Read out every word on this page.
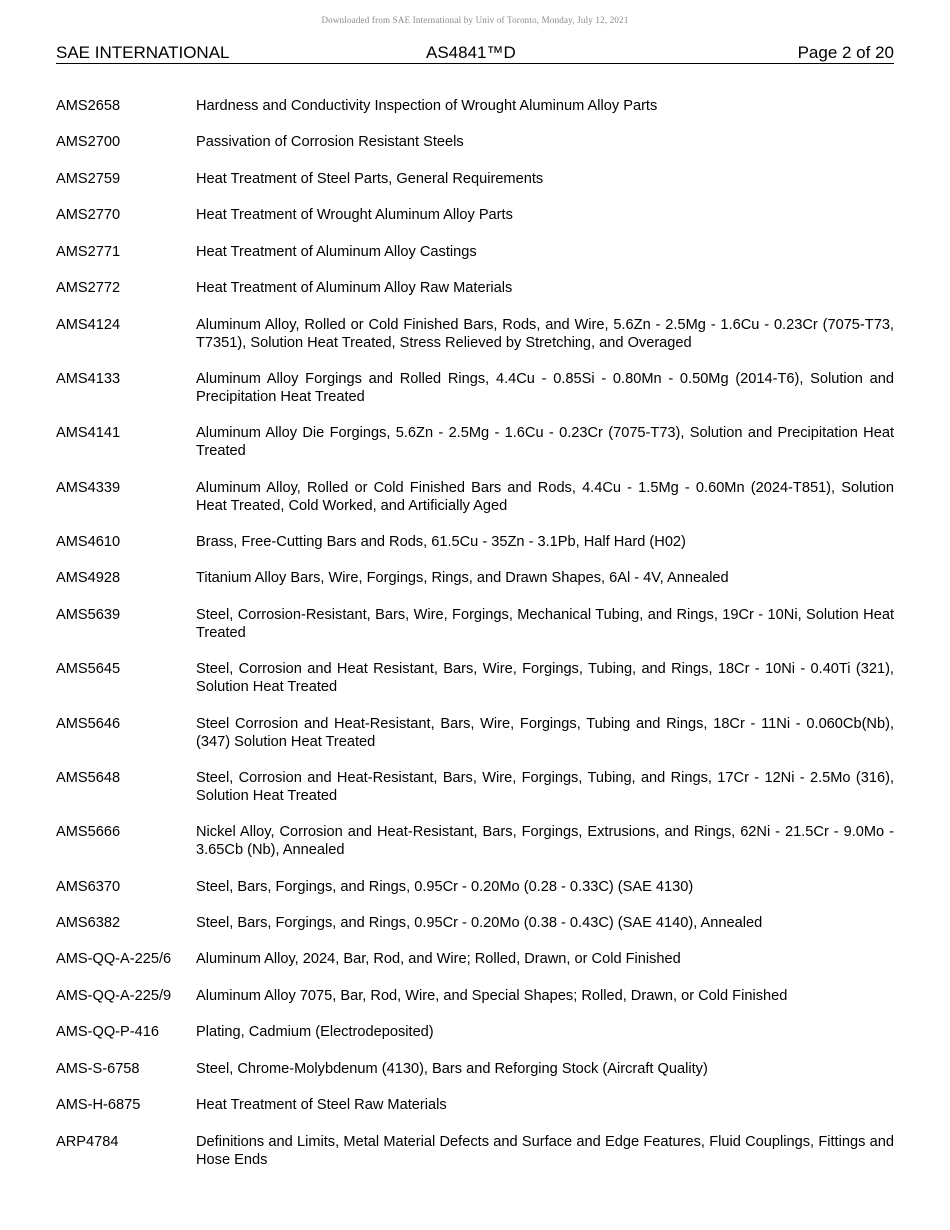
Downloaded from SAE International by Univ of Toronto, Monday, July 12, 2021
SAE INTERNATIONAL	AS4841™D	Page 2 of 20
AMS2658	Hardness and Conductivity Inspection of Wrought Aluminum Alloy Parts
AMS2700	Passivation of Corrosion Resistant Steels
AMS2759	Heat Treatment of Steel Parts, General Requirements
AMS2770	Heat Treatment of Wrought Aluminum Alloy Parts
AMS2771	Heat Treatment of Aluminum Alloy Castings
AMS2772	Heat Treatment of Aluminum Alloy Raw Materials
AMS4124	Aluminum Alloy, Rolled or Cold Finished Bars, Rods, and Wire, 5.6Zn - 2.5Mg - 1.6Cu - 0.23Cr (7075-T73, T7351), Solution Heat Treated, Stress Relieved by Stretching, and Overaged
AMS4133	Aluminum Alloy Forgings and Rolled Rings, 4.4Cu - 0.85Si - 0.80Mn - 0.50Mg (2014-T6), Solution and Precipitation Heat Treated
AMS4141	Aluminum Alloy Die Forgings, 5.6Zn - 2.5Mg - 1.6Cu - 0.23Cr (7075-T73), Solution and Precipitation Heat Treated
AMS4339	Aluminum Alloy, Rolled or Cold Finished Bars and Rods, 4.4Cu - 1.5Mg - 0.60Mn (2024-T851), Solution Heat Treated, Cold Worked, and Artificially Aged
AMS4610	Brass, Free-Cutting Bars and Rods, 61.5Cu - 35Zn - 3.1Pb, Half Hard (H02)
AMS4928	Titanium Alloy Bars, Wire, Forgings, Rings, and Drawn Shapes, 6Al - 4V, Annealed
AMS5639	Steel, Corrosion-Resistant, Bars, Wire, Forgings, Mechanical Tubing, and Rings, 19Cr - 10Ni, Solution Heat Treated
AMS5645	Steel, Corrosion and Heat Resistant, Bars, Wire, Forgings, Tubing, and Rings, 18Cr - 10Ni - 0.40Ti (321), Solution Heat Treated
AMS5646	Steel Corrosion and Heat-Resistant, Bars, Wire, Forgings, Tubing and Rings, 18Cr - 11Ni - 0.060Cb(Nb), (347) Solution Heat Treated
AMS5648	Steel, Corrosion and Heat-Resistant, Bars, Wire, Forgings, Tubing, and Rings, 17Cr - 12Ni - 2.5Mo (316), Solution Heat Treated
AMS5666	Nickel Alloy, Corrosion and Heat-Resistant, Bars, Forgings, Extrusions, and Rings, 62Ni - 21.5Cr - 9.0Mo - 3.65Cb (Nb), Annealed
AMS6370	Steel, Bars, Forgings, and Rings, 0.95Cr - 0.20Mo (0.28 - 0.33C) (SAE 4130)
AMS6382	Steel, Bars, Forgings, and Rings, 0.95Cr - 0.20Mo (0.38 - 0.43C) (SAE 4140), Annealed
AMS-QQ-A-225/6	Aluminum Alloy, 2024, Bar, Rod, and Wire; Rolled, Drawn, or Cold Finished
AMS-QQ-A-225/9	Aluminum Alloy 7075, Bar, Rod, Wire, and Special Shapes; Rolled, Drawn, or Cold Finished
AMS-QQ-P-416	Plating, Cadmium (Electrodeposited)
AMS-S-6758	Steel, Chrome-Molybdenum (4130), Bars and Reforging Stock (Aircraft Quality)
AMS-H-6875	Heat Treatment of Steel Raw Materials
ARP4784	Definitions and Limits, Metal Material Defects and Surface and Edge Features, Fluid Couplings, Fittings and Hose Ends
